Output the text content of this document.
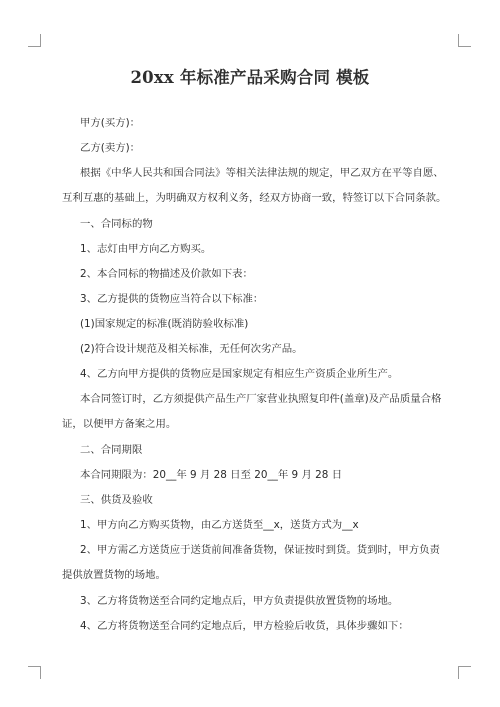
20xx 年标准产品采购合同 模板
甲方(买方)：
乙方(卖方)：
根据《中华人民共和国合同法》等相关法律法规的规定，甲乙双方在平等自愿、
互利互惠的基础上，为明确双方权利义务，经双方协商一致，特签订以下合同条款。
一、合同标的物
1、志灯由甲方向乙方购买。
2、本合同标的物描述及价款如下表：
3、乙方提供的货物应当符合以下标准：
(1)国家规定的标准(既消防验收标准)
(2)符合设计规范及相关标准，无任何次劣产品。
4、乙方向甲方提供的货物应是国家规定有相应生产资质企业所生产。
本合同签订时，乙方须提供产品生产厂家营业执照复印件(盖章)及产品质量合格
证，以便甲方备案之用。
二、合同期限
本合同期限为：20__年 9 月 28 日至 20__年 9 月 28 日
三、供货及验收
1、甲方向乙方购买货物，由乙方送货至__x，送货方式为__x
2、甲方需乙方送货应于送货前间准备货物，保证按时到货。货到时，甲方负责
提供放置货物的场地。
3、乙方将货物送至合同约定地点后，甲方负责提供放置货物的场地。
4、乙方将货物送至合同约定地点后，甲方检验后收货，具体步骤如下：
